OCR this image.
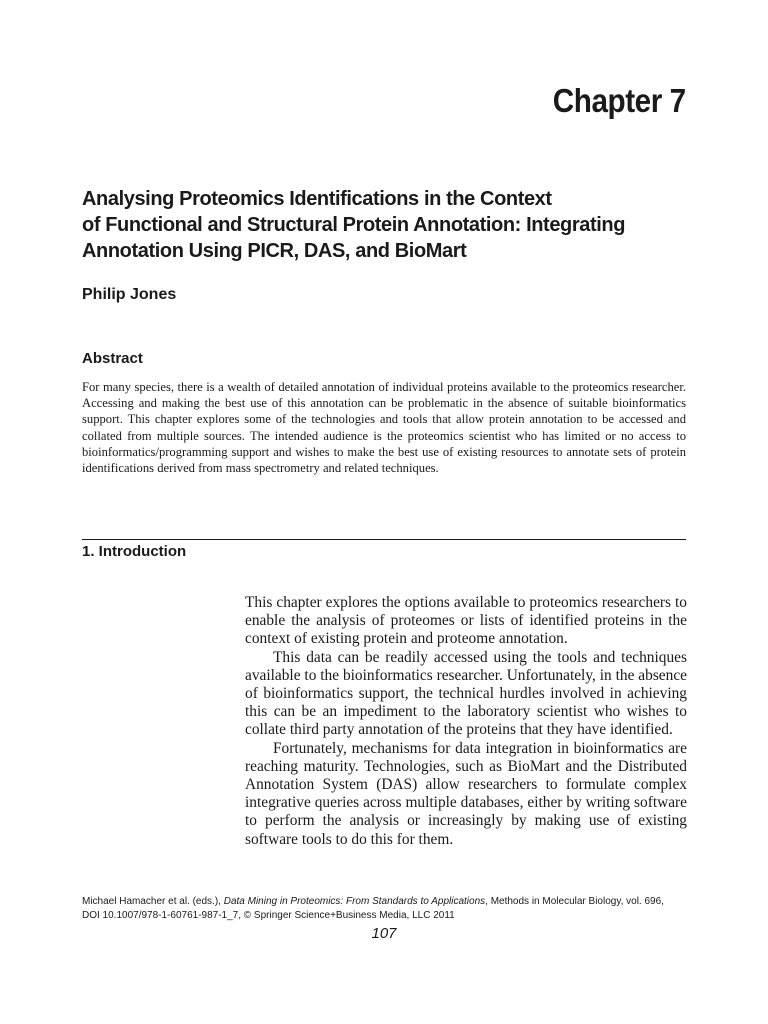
Chapter 7
Analysing Proteomics Identifications in the Context
of Functional and Structural Protein Annotation: Integrating
Annotation Using PICR, DAS, and BioMart
Philip Jones
Abstract

For many species, there is a wealth of detailed annotation of individual proteins available to the proteomics researcher. Accessing and making the best use of this annotation can be problematic in the absence of suitable bioinformatics support. This chapter explores some of the technologies and tools that allow protein annotation to be accessed and collated from multiple sources. The intended audience is the proteomics scientist who has limited or no access to bioinformatics/programming support and wishes to make the best use of existing resources to annotate sets of protein identifications derived from mass spectrometry and related techniques.

1. Introduction

This chapter explores the options available to proteomics researchers to enable the analysis of proteomes or lists of identified proteins in the context of existing protein and proteome annotation.

This data can be readily accessed using the tools and techniques available to the bioinformatics researcher. Unfortunately, in the absence of bioinformatics support, the technical hurdles involved in achieving this can be an impediment to the laboratory scientist who wishes to collate third party annotation of the proteins that they have identified.

Fortunately, mechanisms for data integration in bioinformatics are reaching maturity. Technologies, such as BioMart and the Distributed Annotation System (DAS) allow researchers to formulate complex integrative queries across multiple databases, either by writing software to perform the analysis or increasingly by making use of existing software tools to do this for them.

Michael Hamacher et al. (eds.), Data Mining in Proteomics: From Standards to Applications, Methods in Molecular Biology, vol. 696,
DOI 10.1007/978-1-60761-987-1_7, © Springer Science+Business Media, LLC 2011
107
